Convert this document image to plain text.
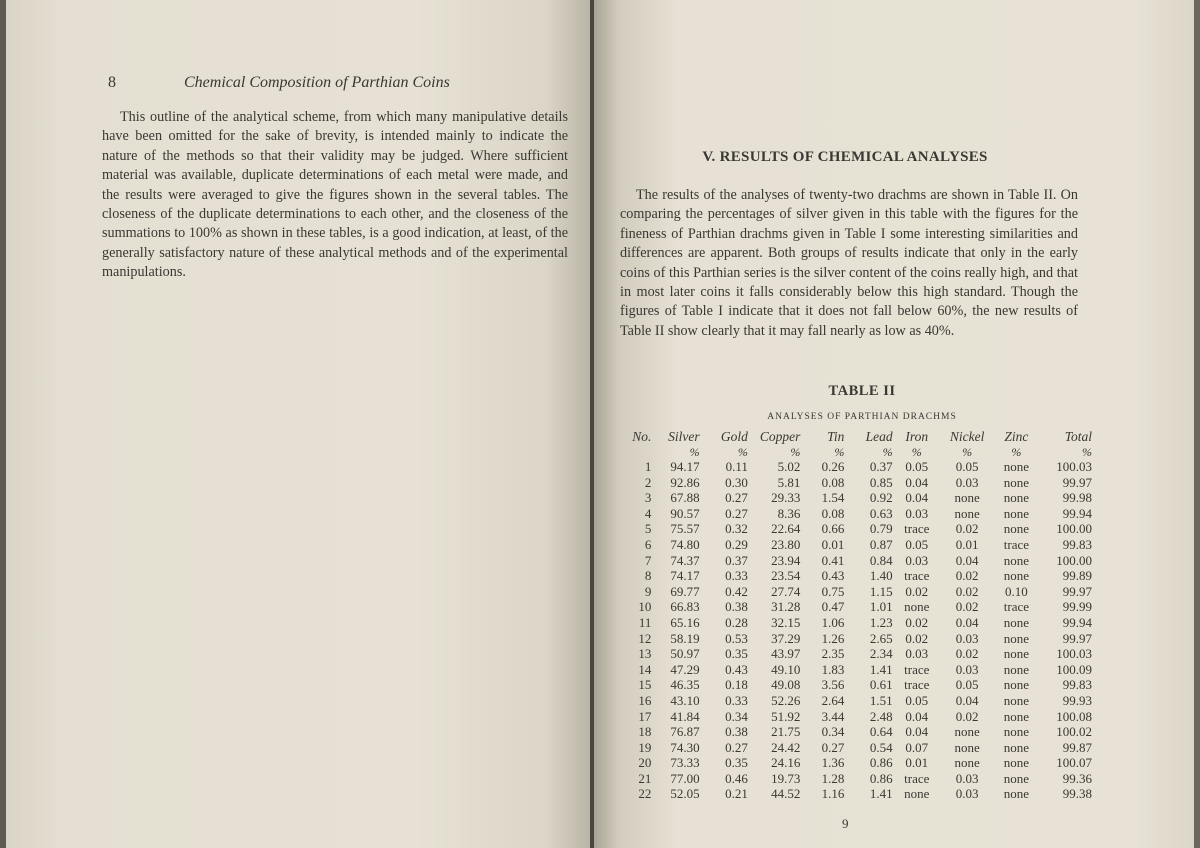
8	Chemical Composition of Parthian Coins

This outline of the analytical scheme, from which many manipulative details have been omitted for the sake of brevity, is intended mainly to indicate the nature of the methods so that their validity may be judged. Where sufficient material was available, duplicate determinations of each metal were made, and the results were averaged to give the figures shown in the several tables. The closeness of the duplicate determinations to each other, and the closeness of the summations to 100% as shown in these tables, is a good indication, at least, of the generally satisfactory nature of these analytical methods and of the experimental manipulations.

V. RESULTS OF CHEMICAL ANALYSES

The results of the analyses of twenty-two drachms are shown in Table II. On comparing the percentages of silver given in this table with the figures for the fineness of Parthian drachms given in Table I some interesting similarities and differences are apparent. Both groups of results indicate that only in the early coins of this Parthian series is the silver content of the coins really high, and that in most later coins it falls considerably below this high standard. Though the figures of Table I indicate that it does not fall below 60%, the new results of Table II show clearly that it may fall nearly as low as 40%.

TABLE II
ANALYSES OF PARTHIAN DRACHMS
No.	Silver	Gold	Copper	Tin	Lead	Iron	Nickel	Zinc	Total
	%	%	%	%	%	%	%	%	%
1	94.17	0.11	5.02	0.26	0.37	0.05	0.05	none	100.03
2	92.86	0.30	5.81	0.08	0.85	0.04	0.03	none	99.97
3	67.88	0.27	29.33	1.54	0.92	0.04	none	none	99.98
4	90.57	0.27	8.36	0.08	0.63	0.03	none	none	99.94
5	75.57	0.32	22.64	0.66	0.79	trace	0.02	none	100.00
6	74.80	0.29	23.80	0.01	0.87	0.05	0.01	trace	99.83
7	74.37	0.37	23.94	0.41	0.84	0.03	0.04	none	100.00
8	74.17	0.33	23.54	0.43	1.40	trace	0.02	none	99.89
9	69.77	0.42	27.74	0.75	1.15	0.02	0.02	0.10	99.97
10	66.83	0.38	31.28	0.47	1.01	none	0.02	trace	99.99
11	65.16	0.28	32.15	1.06	1.23	0.02	0.04	none	99.94
12	58.19	0.53	37.29	1.26	2.65	0.02	0.03	none	99.97
13	50.97	0.35	43.97	2.35	2.34	0.03	0.02	none	100.03
14	47.29	0.43	49.10	1.83	1.41	trace	0.03	none	100.09
15	46.35	0.18	49.08	3.56	0.61	trace	0.05	none	99.83
16	43.10	0.33	52.26	2.64	1.51	0.05	0.04	none	99.93
17	41.84	0.34	51.92	3.44	2.48	0.04	0.02	none	100.08
18	76.87	0.38	21.75	0.34	0.64	0.04	none	none	100.02
19	74.30	0.27	24.42	0.27	0.54	0.07	none	none	99.87
20	73.33	0.35	24.16	1.36	0.86	0.01	none	none	100.07
21	77.00	0.46	19.73	1.28	0.86	trace	0.03	none	99.36
22	52.05	0.21	44.52	1.16	1.41	none	0.03	none	99.38
9
